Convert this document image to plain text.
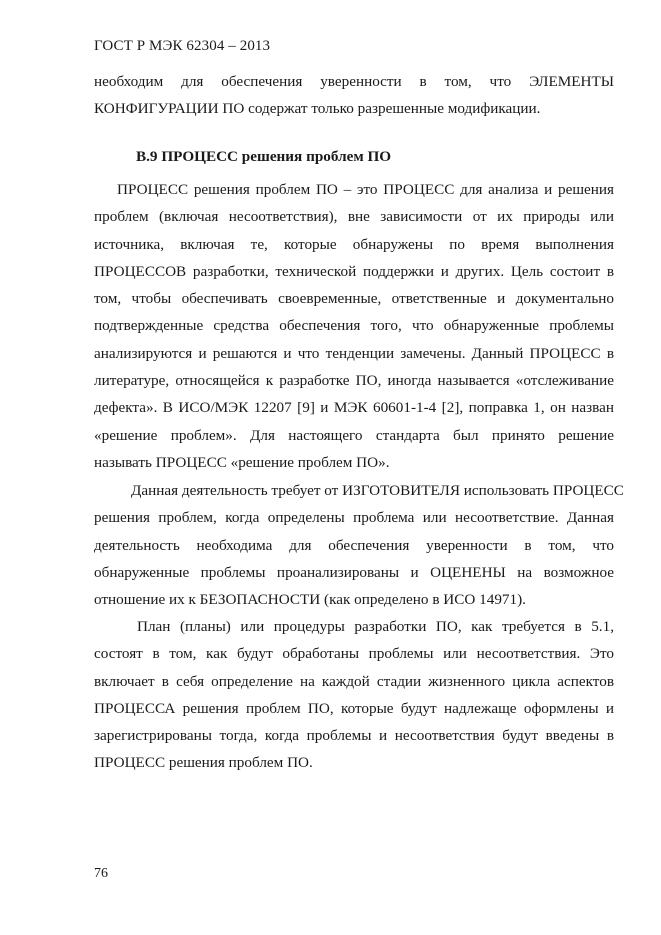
ГОСТ Р МЭК 62304 – 2013
необходим для обеспечения уверенности в том, что ЭЛЕМЕНТЫ
КОНФИГУРАЦИИ ПО содержат только разрешенные модификации.
В.9 ПРОЦЕСС решения проблем ПО
ПРОЦЕСС решения проблем ПО – это ПРОЦЕСС для анализа и решения
проблем (включая несоответствия), вне зависимости от их природы или
источника, включая те, которые обнаружены по время выполнения
ПРОЦЕССОВ разработки, технической поддержки и других. Цель состоит в
том, чтобы обеспечивать своевременные, ответственные и документально
подтвержденные средства обеспечения того, что обнаруженные проблемы
анализируются и решаются и что тенденции замечены. Данный ПРОЦЕСС в
литературе, относящейся к разработке ПО, иногда называется «отслеживание
дефекта». В ИСО/МЭК 12207 [9] и МЭК 60601-1-4 [2], поправка 1, он назван
«решение проблем». Для настоящего стандарта был принято решение
называть ПРОЦЕСС «решение проблем ПО».
Данная деятельность требует от ИЗГОТОВИТЕЛЯ использовать ПРОЦЕСС
решения проблем, когда определены проблема или несоответствие. Данная
деятельность необходима для обеспечения уверенности в том, что
обнаруженные проблемы проанализированы и ОЦЕНЕНЫ на возможное
отношение их к БЕЗОПАСНОСТИ (как определено в ИСО 14971).
План (планы) или процедуры разработки ПО, как требуется в 5.1,
состоят в том, как будут обработаны проблемы или несоответствия. Это
включает в себя определение на каждой стадии жизненного цикла аспектов
ПРОЦЕССА решения проблем ПО, которые будут надлежаще оформлены и
зарегистрированы тогда, когда проблемы и несоответствия будут введены в
ПРОЦЕСС решения проблем ПО.
76
